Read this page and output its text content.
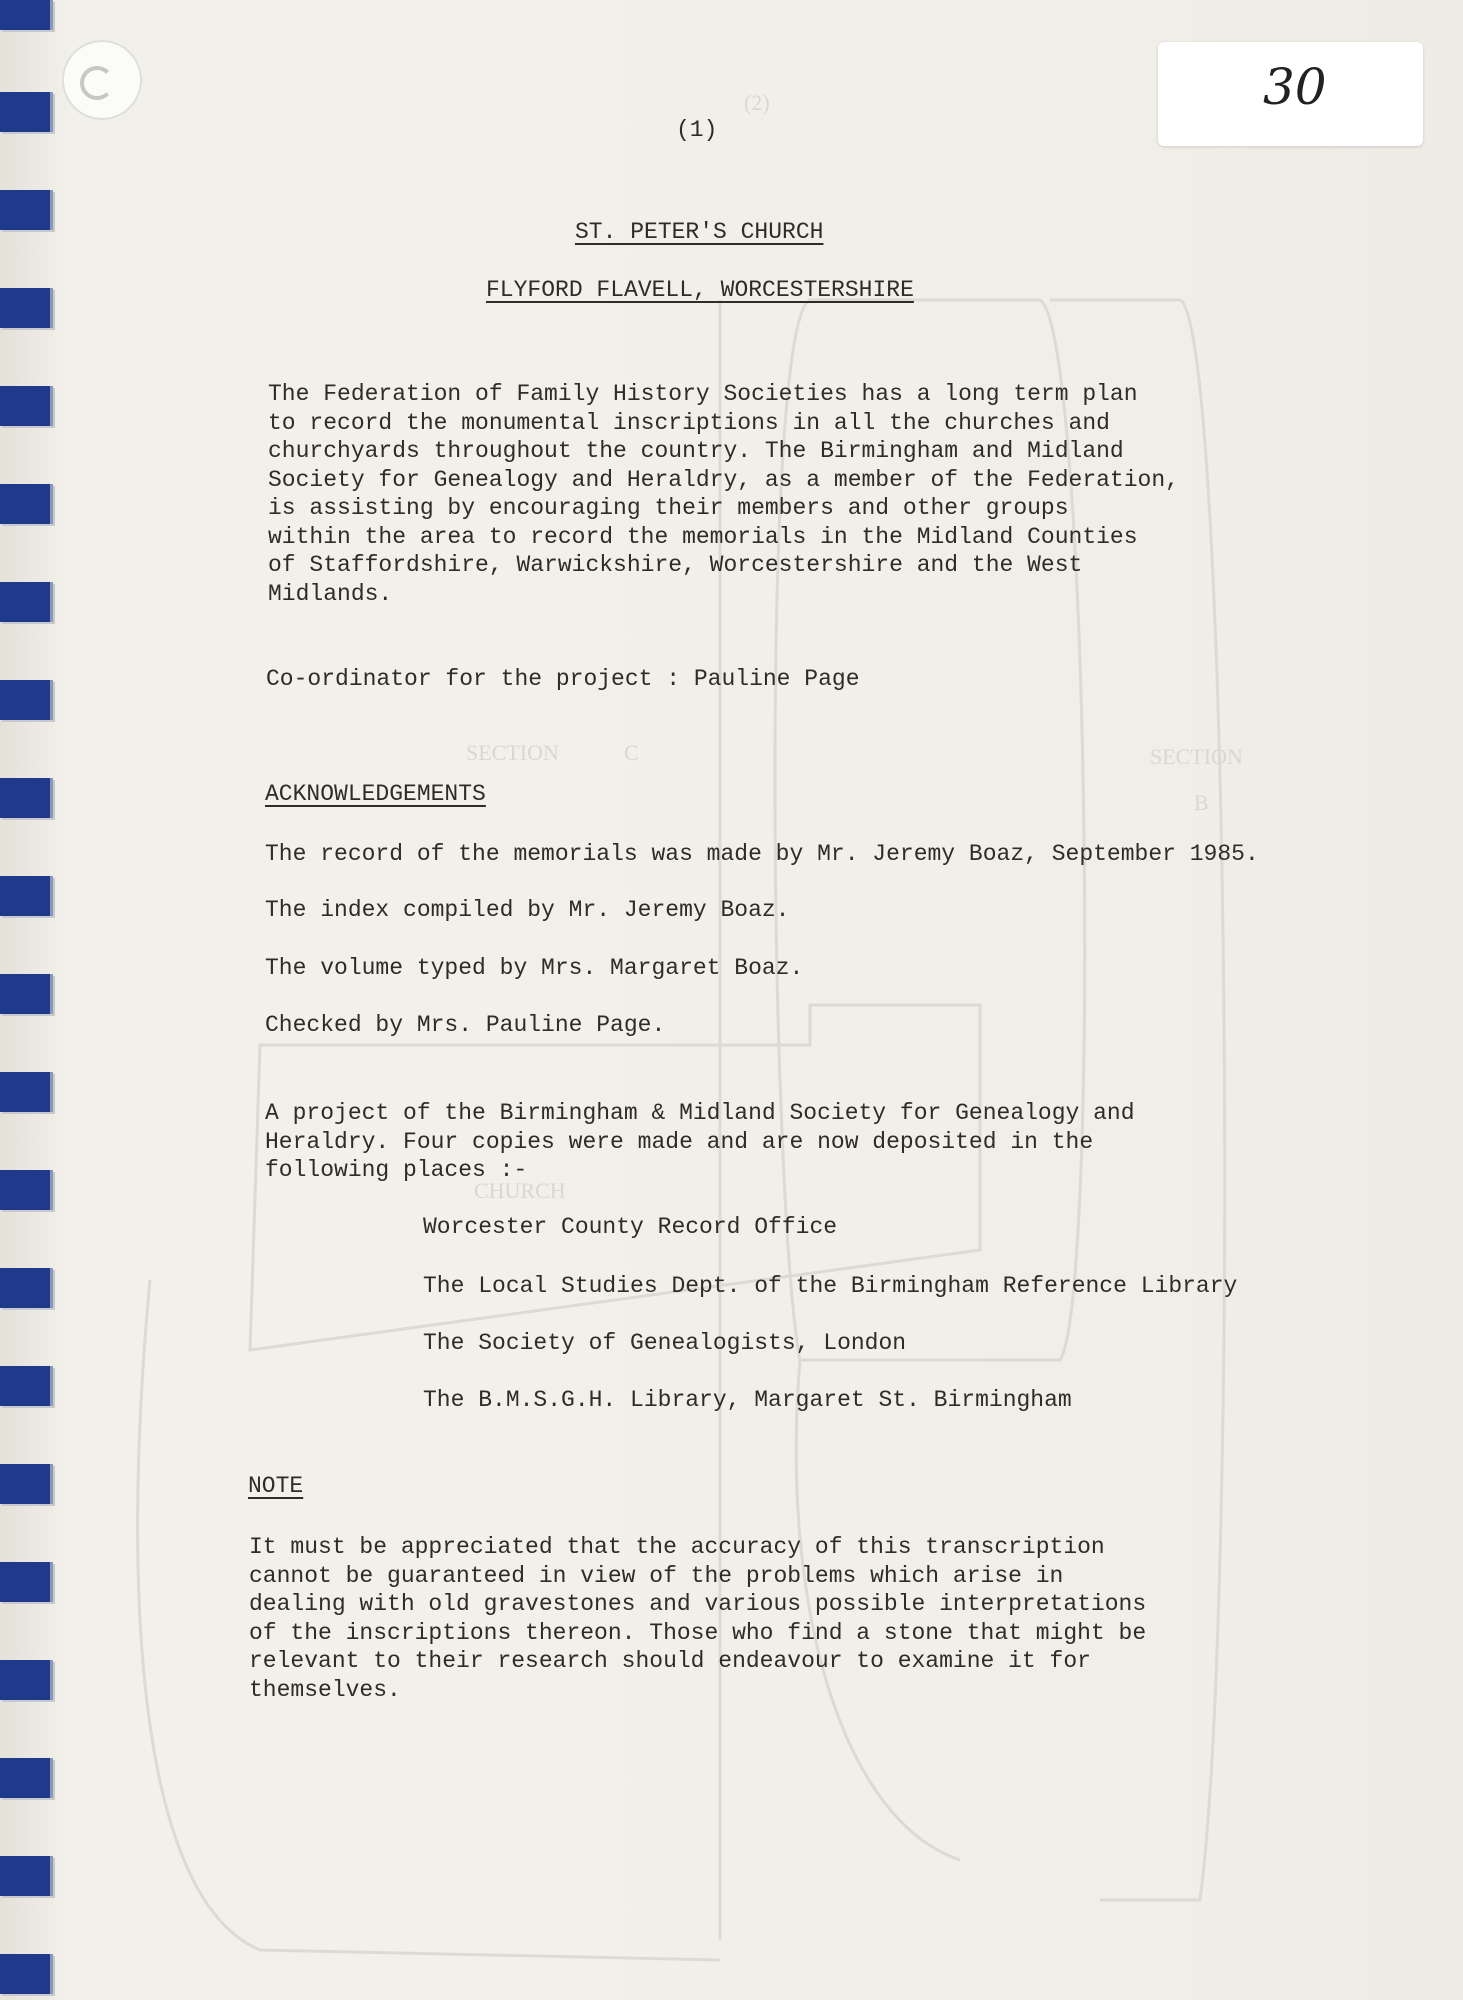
(2)
SECTION	C	SECTION
B
CHURCH
30
(1)
ST. PETER'S CHURCH
FLYFORD FLAVELL, WORCESTERSHIRE
The Federation of Family History Societies has a long term plan
to record the monumental inscriptions in all the churches and
churchyards throughout the country. The Birmingham and Midland
Society for Genealogy and Heraldry, as a member of the Federation,
is assisting by encouraging their members and other groups
within the area to record the memorials in the Midland Counties
of Staffordshire, Warwickshire, Worcestershire and the West
Midlands.
Co-ordinator for the project : Pauline Page
ACKNOWLEDGEMENTS
The record of the memorials was made by Mr. Jeremy Boaz, September 1985.
The index compiled by Mr. Jeremy Boaz.
The volume typed by Mrs. Margaret Boaz.
Checked by Mrs. Pauline Page.
A project of the Birmingham & Midland Society for Genealogy and
Heraldry. Four copies were made and are now deposited in the
following places :-
Worcester County Record Office
The Local Studies Dept. of the Birmingham Reference Library
The Society of Genealogists, London
The B.M.S.G.H. Library, Margaret St. Birmingham
NOTE
It must be appreciated that the accuracy of this transcription
cannot be guaranteed in view of the problems which arise in
dealing with old gravestones and various possible interpretations
of the inscriptions thereon. Those who find a stone that might be
relevant to their research should endeavour to examine it for
themselves.
